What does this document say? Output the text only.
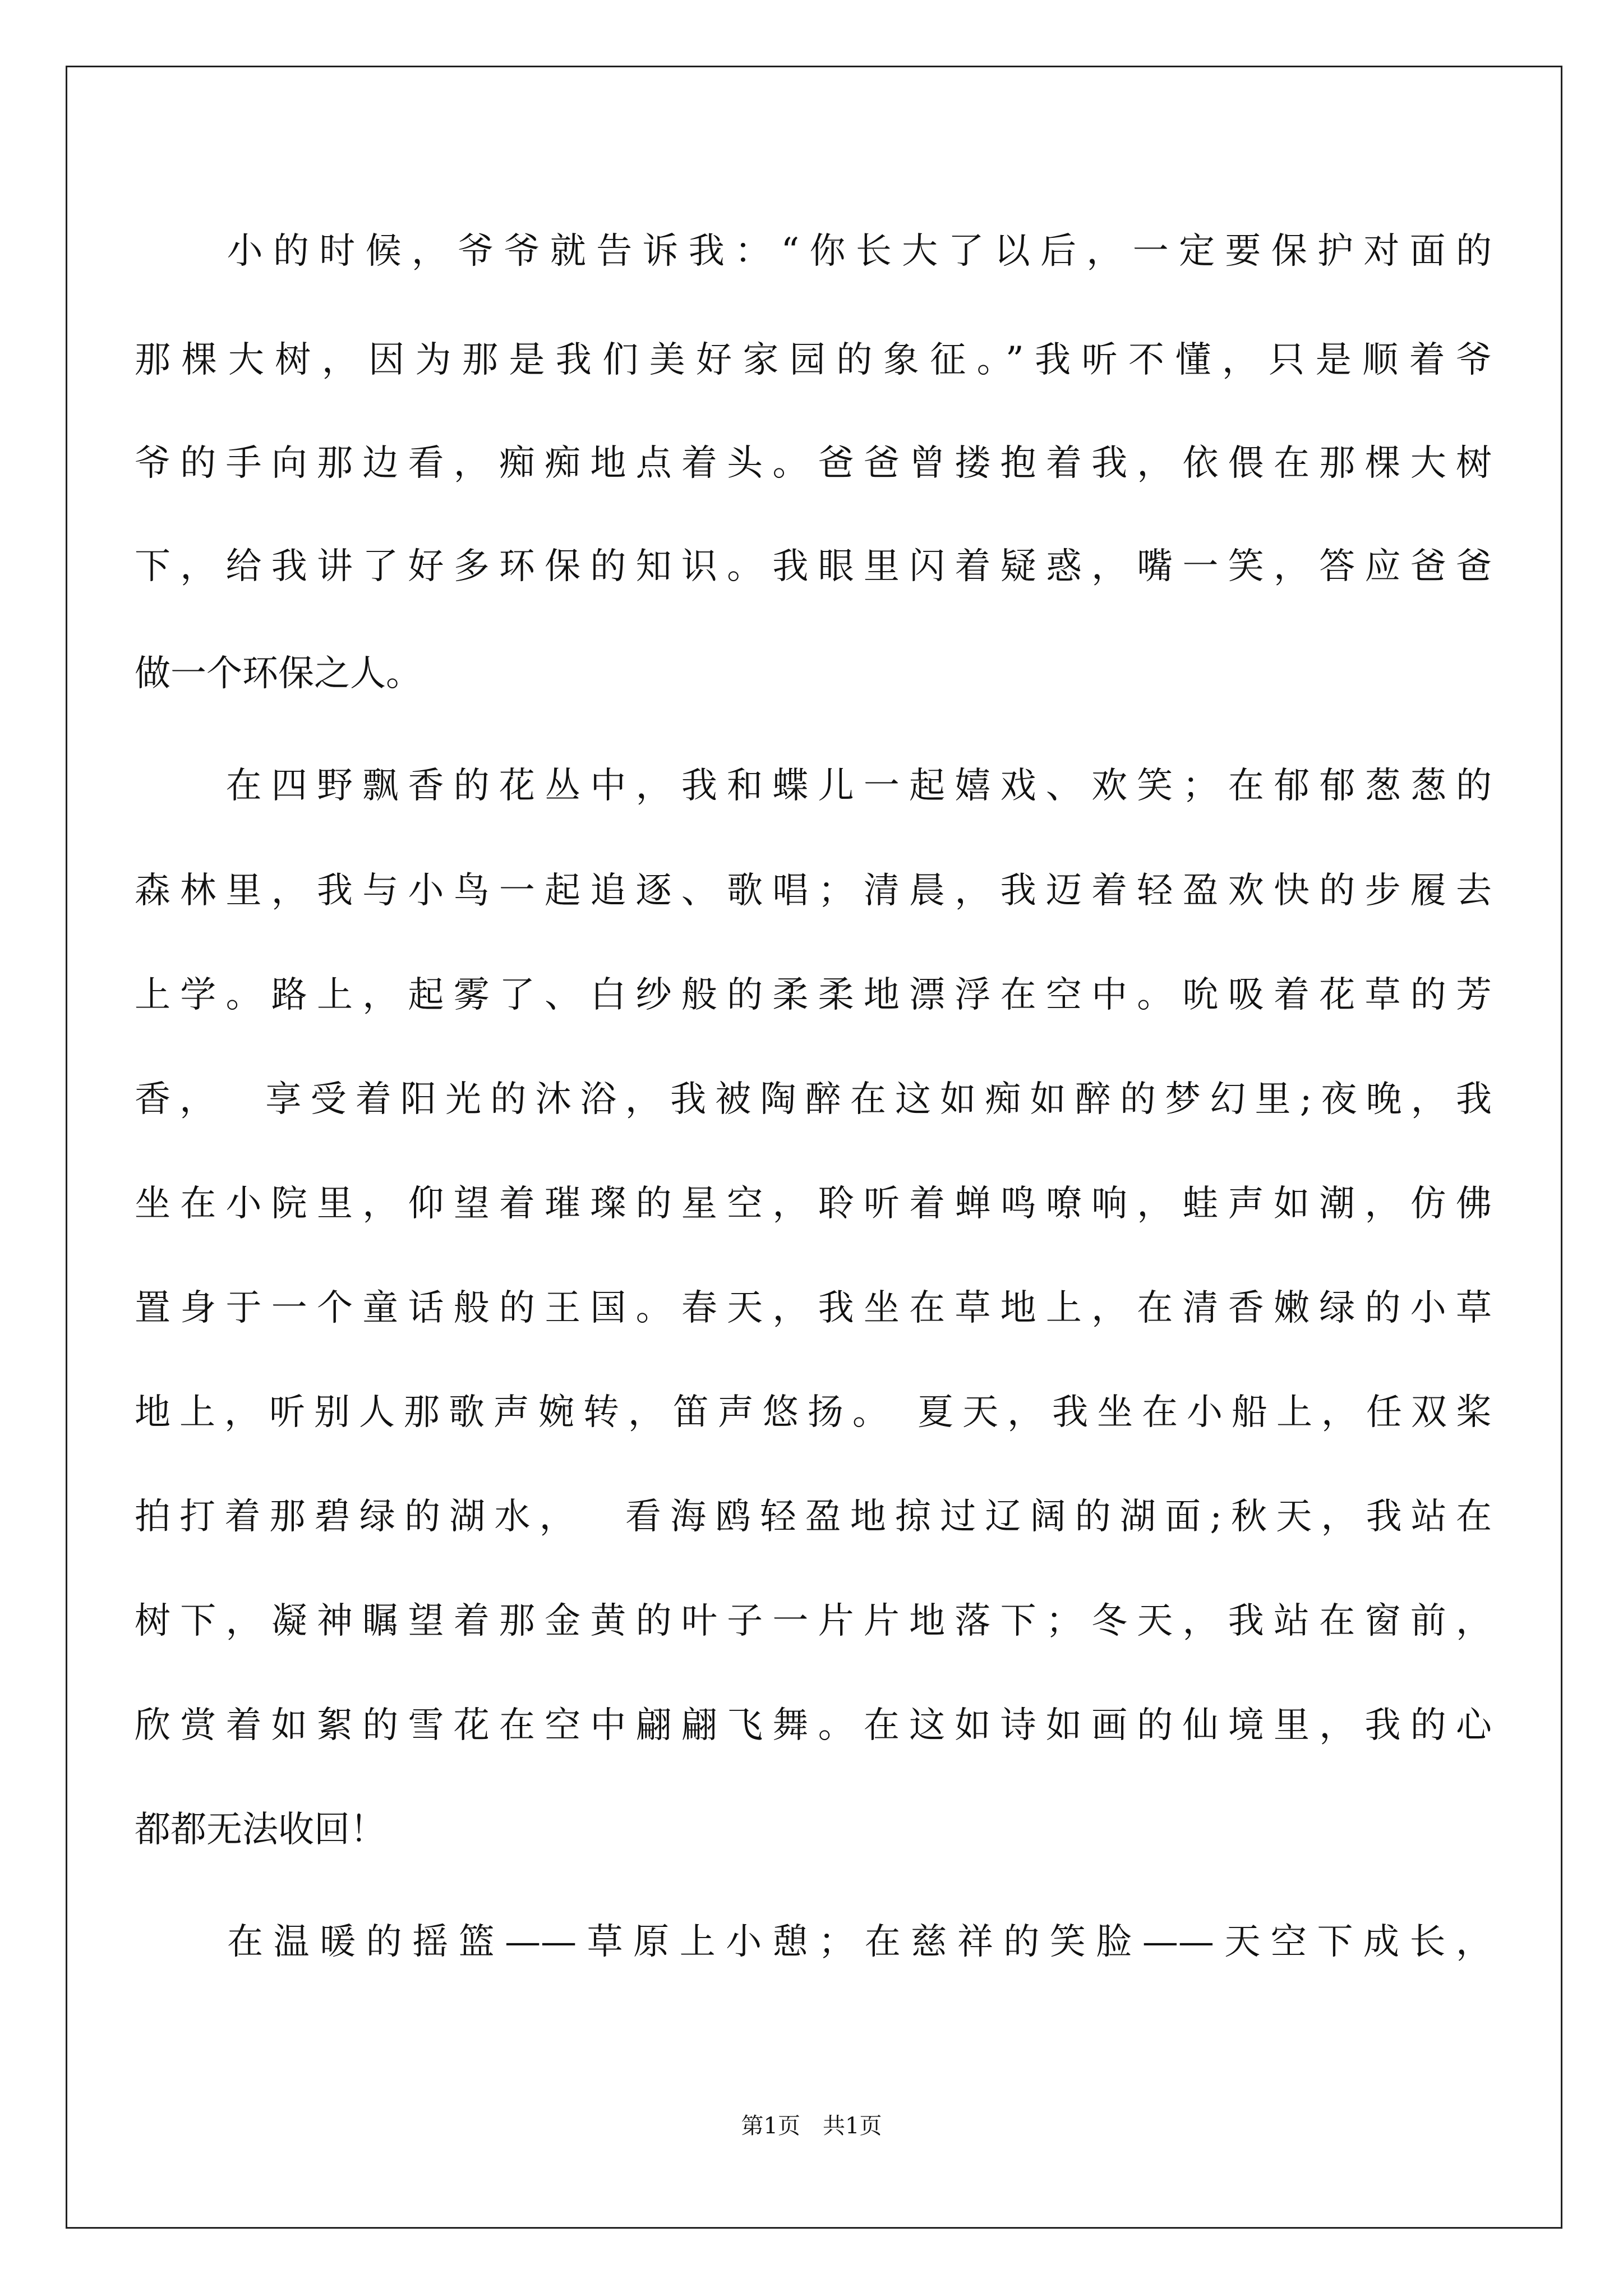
　　小的时候，爷爷就告诉我：“你长大了以后，一定要保护对面的
那棵大树，因为那是我们美好家园的象征。”我听不懂，只是顺着爷
爷的手向那边看，痴痴地点着头。爸爸曾搂抱着我，依偎在那棵大树
下，给我讲了好多环保的知识。我眼里闪着疑惑，嘴一笑，答应爸爸
做一个环保之人。
　　在四野飘香的花丛中，我和蝶儿一起嬉戏、欢笑；在郁郁葱葱的
森林里，我与小鸟一起追逐、歌唱；清晨，我迈着轻盈欢快的步履去
上学。路上，起雾了、白纱般的柔柔地漂浮在空中。吮吸着花草的芳
香，  享受着阳光的沐浴，我被陶醉在这如痴如醉的梦幻里;夜晚，我
坐在小院里，仰望着璀璨的星空，聆听着蝉鸣嘹响，蛙声如潮，仿佛
置身于一个童话般的王国。春天，我坐在草地上，在清香嫩绿的小草
地上，听别人那歌声婉转，笛声悠扬。 夏天，我坐在小船上，任双桨
拍打着那碧绿的湖水，  看海鸥轻盈地掠过辽阔的湖面;秋天，我站在
树下，凝神瞩望着那金黄的叶子一片片地落下；冬天，我站在窗前，
欣赏着如絮的雪花在空中翩翩飞舞。在这如诗如画的仙境里，我的心
都都无法收回！
　　在温暖的摇篮——草原上小憩；在慈祥的笑脸——天空下成长，
第1页　共1页
